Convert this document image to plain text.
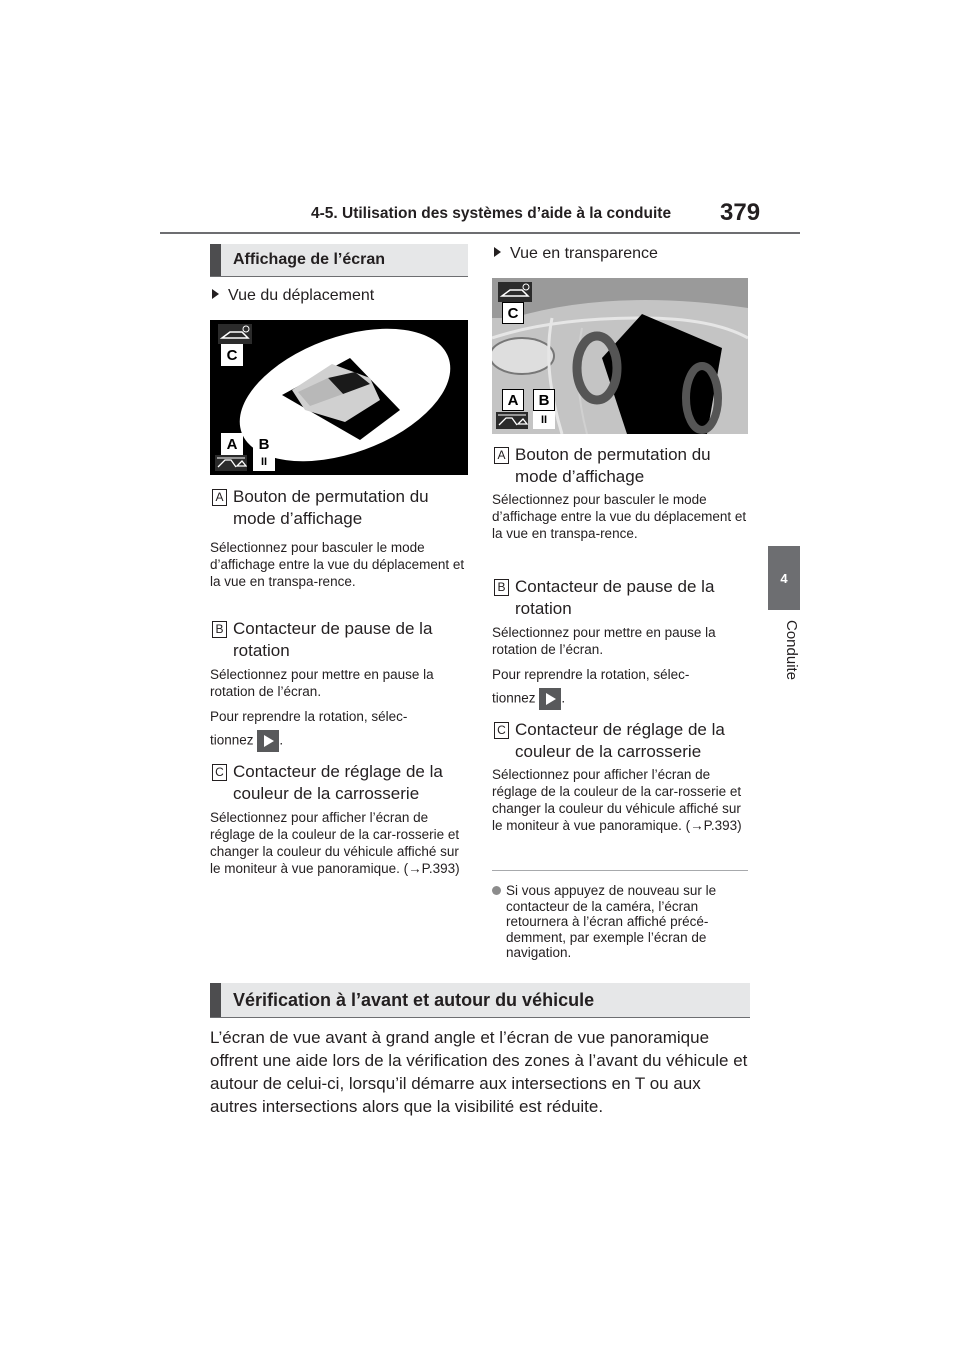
4-5. Utilisation des systèmes d’aide à la conduite 379
4
Conduite
Affichage de l’écran
Vue du déplacement
C
A	B
II
A Bouton de permutation du mode d’affichage
Sélectionnez pour basculer le mode d’affichage entre la vue du déplacement et la vue en transpa-rence.
B Contacteur de pause de la rotation
Sélectionnez pour mettre en pause la rotation de l’écran.
Pour reprendre la rotation, sélec-
tionnez .
C Contacteur de réglage de la couleur de la carrosserie
Sélectionnez pour afficher l’écran de réglage de la couleur de la car-rosserie et changer la couleur du véhicule affiché sur le moniteur à vue panoramique. (→P.393)
Vue en transparence
C
A	B
II
A Bouton de permutation du mode d’affichage
Sélectionnez pour basculer le mode d’affichage entre la vue du déplacement et la vue en transpa-rence.
B Contacteur de pause de la rotation
Sélectionnez pour mettre en pause la rotation de l’écran.
Pour reprendre la rotation, sélec-
tionnez .
C Contacteur de réglage de la couleur de la carrosserie
Sélectionnez pour afficher l’écran de réglage de la couleur de la car-rosserie et changer la couleur du véhicule affiché sur le moniteur à vue panoramique. (→P.393)
Si vous appuyez de nouveau sur le contacteur de la caméra, l’écran retournera à l’écran affiché précé-demment, par exemple l’écran de navigation.
Vérification à l’avant et autour du véhicule
L’écran de vue avant à grand angle et l’écran de vue panoramique offrent une aide lors de la vérification des zones à l’avant du véhicule et autour de celui-ci, lorsqu’il démarre aux intersections en T ou aux autres intersections alors que la visibilité est réduite.
